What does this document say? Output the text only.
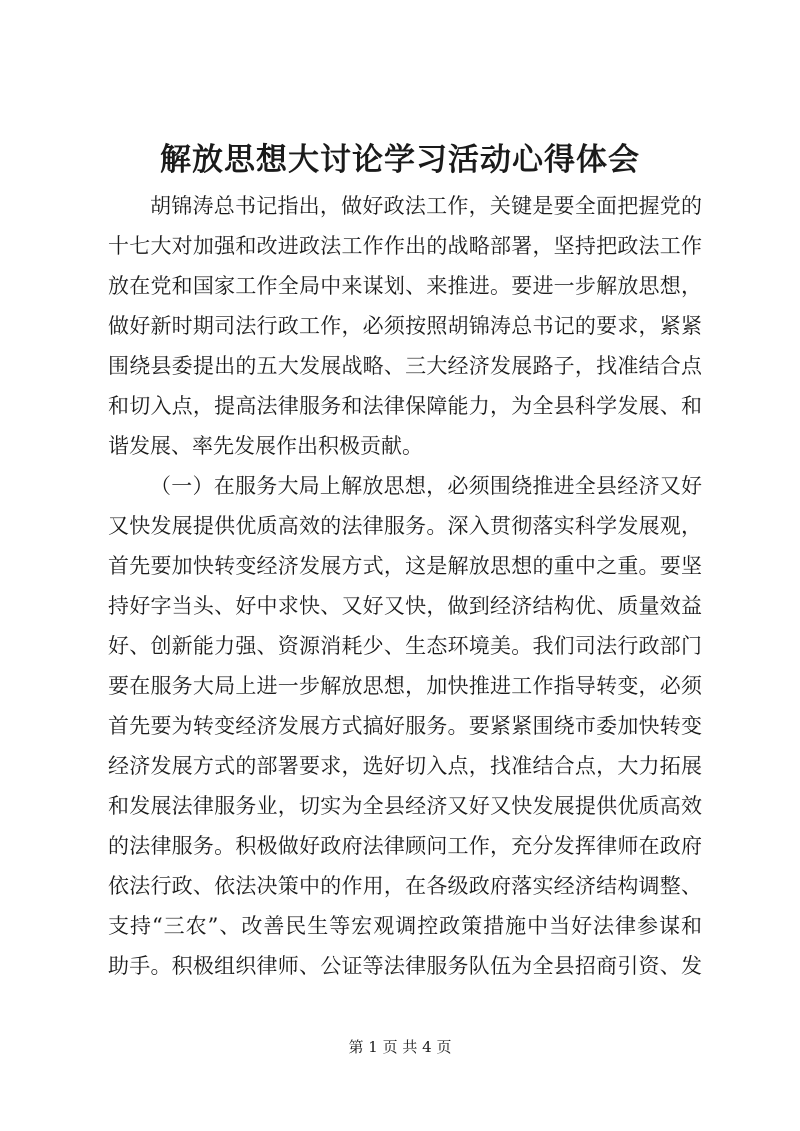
解放思想大讨论学习活动心得体会
胡锦涛总书记指出，做好政法工作，关键是要全面把握党的
十七大对加强和改进政法工作作出的战略部署，坚持把政法工作
放在党和国家工作全局中来谋划、来推进。要进一步解放思想，
做好新时期司法行政工作，必须按照胡锦涛总书记的要求，紧紧
围绕县委提出的五大发展战略、三大经济发展路子，找准结合点
和切入点，提高法律服务和法律保障能力，为全县科学发展、和
谐发展、率先发展作出积极贡献。
（一）在服务大局上解放思想，必须围绕推进全县经济又好
又快发展提供优质高效的法律服务。深入贯彻落实科学发展观，
首先要加快转变经济发展方式，这是解放思想的重中之重。要坚
持好字当头、好中求快、又好又快，做到经济结构优、质量效益
好、创新能力强、资源消耗少、生态环境美。我们司法行政部门
要在服务大局上进一步解放思想，加快推进工作指导转变，必须
首先要为转变经济发展方式搞好服务。要紧紧围绕市委加快转变
经济发展方式的部署要求，选好切入点，找准结合点，大力拓展
和发展法律服务业，切实为全县经济又好又快发展提供优质高效
的法律服务。积极做好政府法律顾问工作，充分发挥律师在政府
依法行政、依法决策中的作用，在各级政府落实经济结构调整、
支持“三农”、改善民生等宏观调控政策措施中当好法律参谋和
助手。积极组织律师、公证等法律服务队伍为全县招商引资、发
第 1 页 共 4 页
